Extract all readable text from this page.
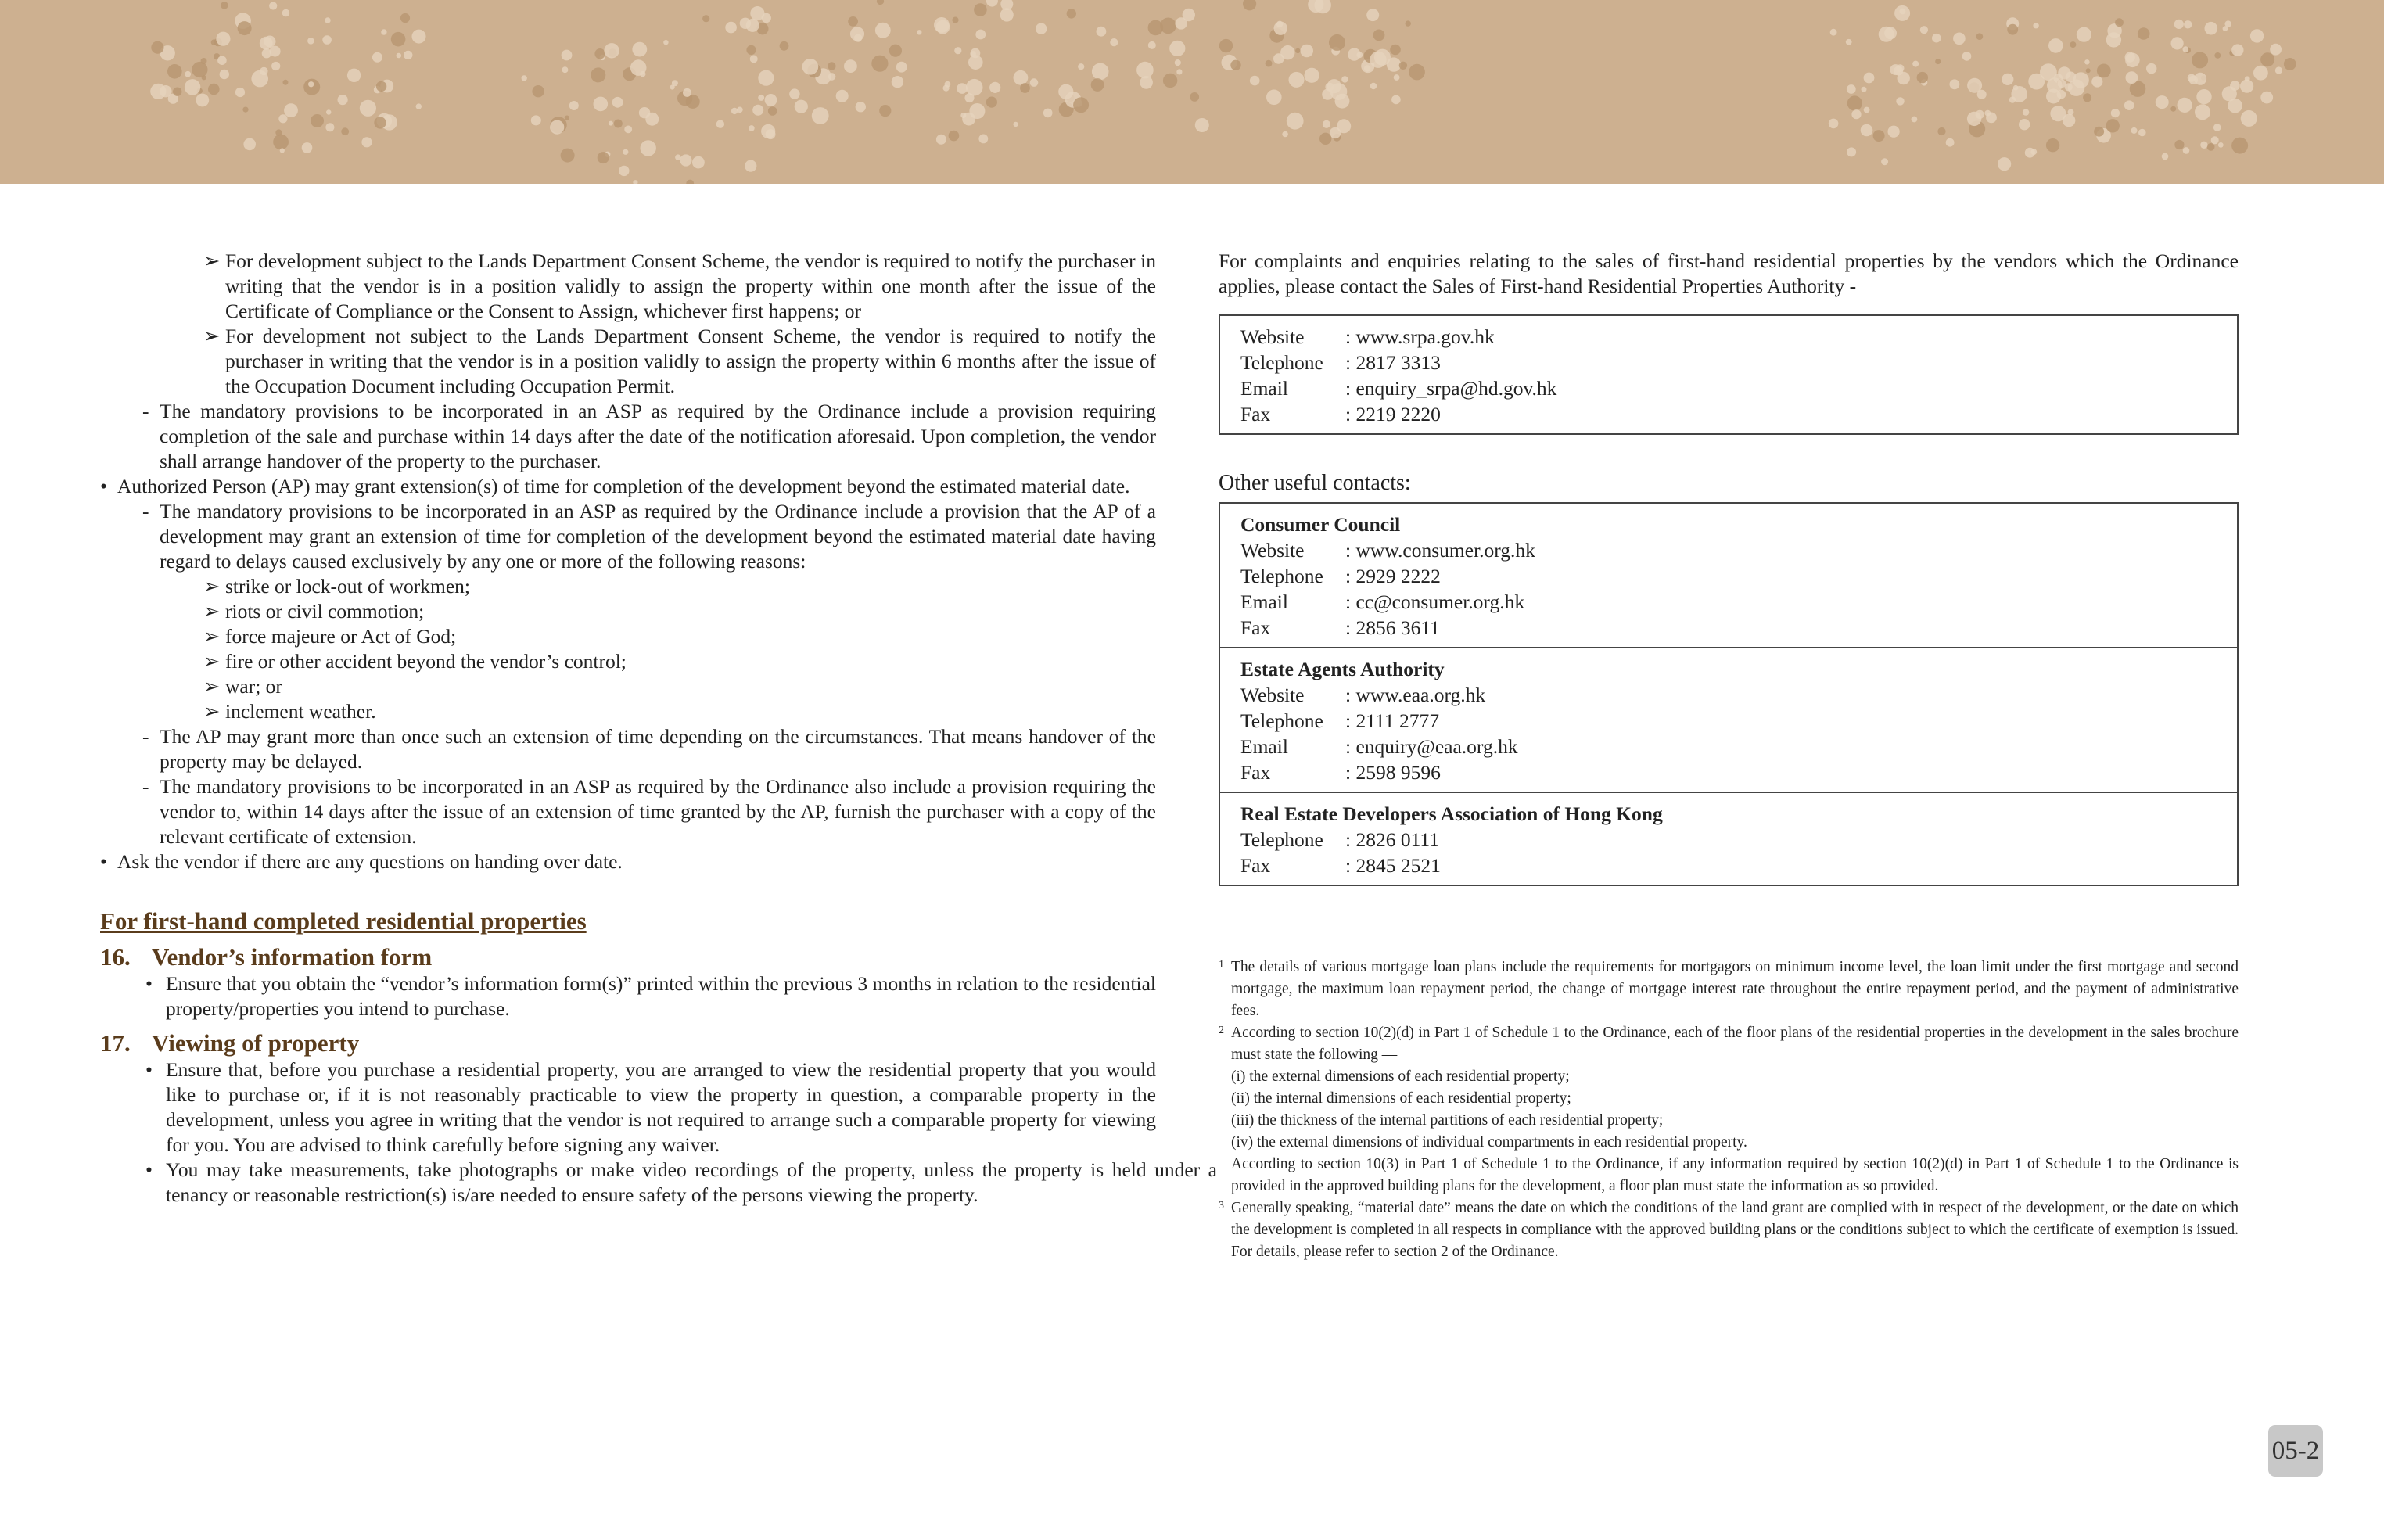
➢ For development subject to the Lands Department Consent Scheme, the vendor is required to notify the purchaser in writing that the vendor is in a position validly to assign the property within one month after the issue of the Certificate of Compliance or the Consent to Assign, whichever first happens; or
➢ For development not subject to the Lands Department Consent Scheme, the vendor is required to notify the purchaser in writing that the vendor is in a position validly to assign the property within 6 months after the issue of the Occupation Document including Occupation Permit.
- The mandatory provisions to be incorporated in an ASP as required by the Ordinance include a provision requiring completion of the sale and purchase within 14 days after the date of the notification aforesaid. Upon completion, the vendor shall arrange handover of the property to the purchaser.
• Authorized Person (AP) may grant extension(s) of time for completion of the development beyond the estimated material date.
- The mandatory provisions to be incorporated in an ASP as required by the Ordinance include a provision that the AP of a development may grant an extension of time for completion of the development beyond the estimated material date having regard to delays caused exclusively by any one or more of the following reasons:
➢ strike or lock-out of workmen;
➢ riots or civil commotion;
➢ force majeure or Act of God;
➢ fire or other accident beyond the vendor’s control;
➢ war; or
➢ inclement weather.
- The AP may grant more than once such an extension of time depending on the circumstances. That means handover of the property may be delayed.
- The mandatory provisions to be incorporated in an ASP as required by the Ordinance also include a provision requiring the vendor to, within 14 days after the issue of an extension of time granted by the AP, furnish the purchaser with a copy of the relevant certificate of extension.
• Ask the vendor if there are any questions on handing over date.
For first-hand completed residential properties
16. Vendor’s information form
• Ensure that you obtain the “vendor’s information form(s)” printed within the previous 3 months in relation to the residential property/properties you intend to purchase.
17. Viewing of property
• Ensure that, before you purchase a residential property, you are arranged to view the residential property that you would like to purchase or, if it is not reasonably practicable to view the property in question, a comparable property in the development, unless you agree in writing that the vendor is not required to arrange such a comparable property for viewing for you. You are advised to think carefully before signing any waiver.
• You may take measurements, take photographs or make video recordings of the property, unless the property is held under a tenancy or reasonable restriction(s) is/are needed to ensure safety of the persons viewing the property.
For complaints and enquiries relating to the sales of first-hand residential properties by the vendors which the Ordinance applies, please contact the Sales of First-hand Residential Properties Authority -
Website	: www.srpa.gov.hk
Telephone	: 2817 3313
Email	: enquiry_srpa@hd.gov.hk
Fax	: 2219 2220
Other useful contacts:
Consumer Council
Website	: www.consumer.org.hk
Telephone	: 2929 2222
Email	: cc@consumer.org.hk
Fax	: 2856 3611
Estate Agents Authority
Website	: www.eaa.org.hk
Telephone	: 2111 2777
Email	: enquiry@eaa.org.hk
Fax	: 2598 9596
Real Estate Developers Association of Hong Kong
Telephone	: 2826 0111
Fax	: 2845 2521
1 The details of various mortgage loan plans include the requirements for mortgagors on minimum income level, the loan limit under the first mortgage and second mortgage, the maximum loan repayment period, the change of mortgage interest rate throughout the entire repayment period, and the payment of administrative fees.
2 According to section 10(2)(d) in Part 1 of Schedule 1 to the Ordinance, each of the floor plans of the residential properties in the development in the sales brochure must state the following —
(i) the external dimensions of each residential property;
(ii) the internal dimensions of each residential property;
(iii) the thickness of the internal partitions of each residential property;
(iv) the external dimensions of individual compartments in each residential property.
According to section 10(3) in Part 1 of Schedule 1 to the Ordinance, if any information required by section 10(2)(d) in Part 1 of Schedule 1 to the Ordinance is provided in the approved building plans for the development, a floor plan must state the information as so provided.
3 Generally speaking, “material date” means the date on which the conditions of the land grant are complied with in respect of the development, or the date on which the development is completed in all respects in compliance with the approved building plans or the conditions subject to which the certificate of exemption is issued. For details, please refer to section 2 of the Ordinance.
05-2
